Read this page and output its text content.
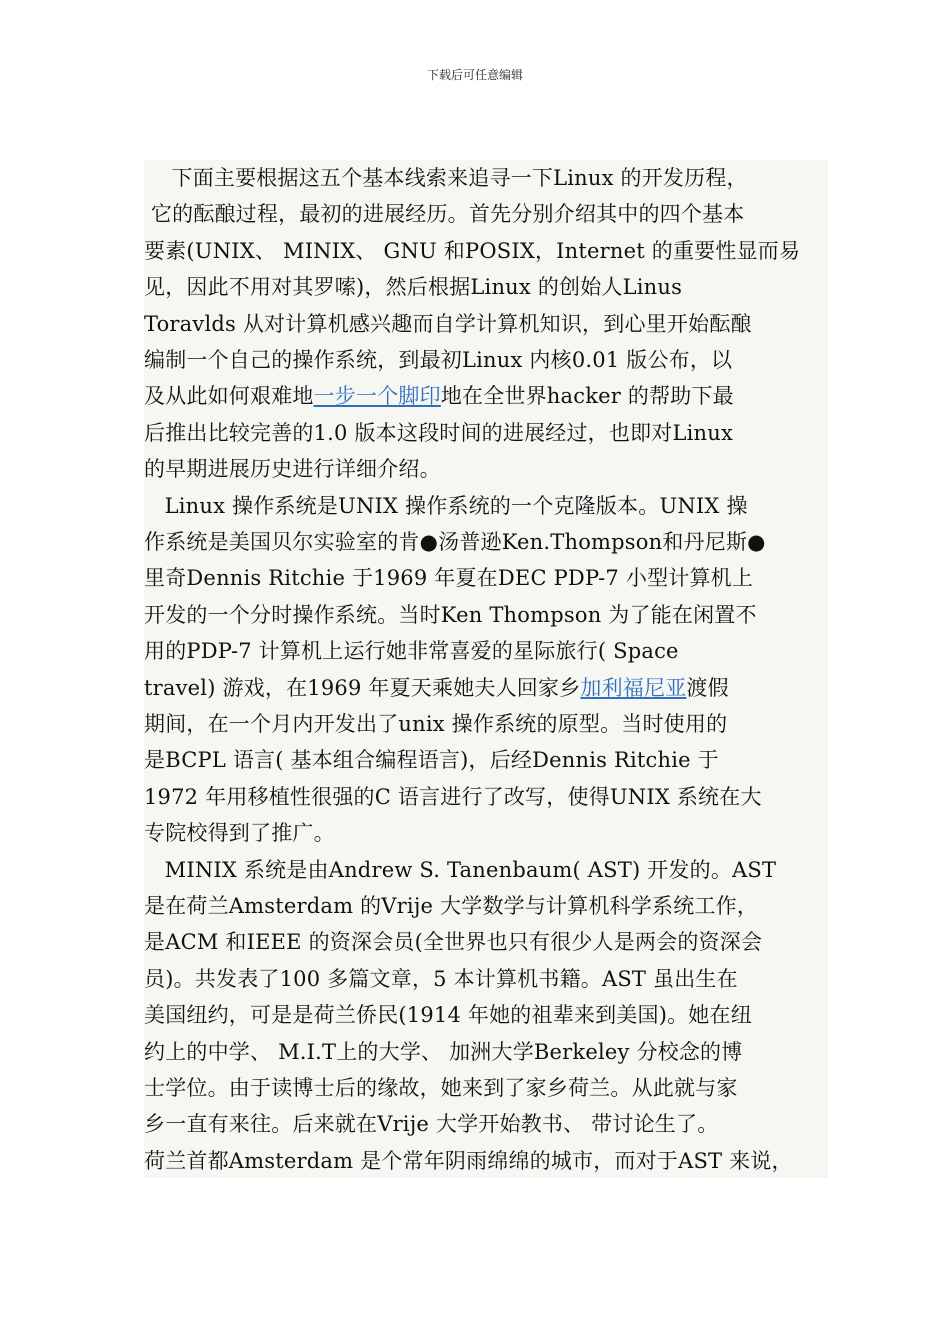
下载后可任意编辑
下面主要根据这五个基本线索来追寻一下Linux 的开发历程，
它的酝酿过程，最初的进展经历。首先分别介绍其中的四个基本
要素(UNIX、 MINIX、 GNU 和POSIX，Internet 的重要性显而易
见，因此不用对其罗嗦)，然后根据Linux 的创始人Linus
Toravlds 从对计算机感兴趣而自学计算机知识，到心里开始酝酿
编制一个自己的操作系统，到最初Linux 内核0.01 版公布，以
及从此如何艰难地一步一个脚印地在全世界hacker 的帮助下最
后推出比较完善的1.0 版本这段时间的进展经过，也即对Linux
的早期进展历史进行详细介绍。
Linux 操作系统是UNIX 操作系统的一个克隆版本。UNIX 操
作系统是美国贝尔实验室的肯●汤普逊Ken.Thompson和丹尼斯●
里奇Dennis Ritchie 于1969 年夏在DEC PDP-7 小型计算机上
开发的一个分时操作系统。当时Ken Thompson 为了能在闲置不
用的PDP-7 计算机上运行她非常喜爱的星际旅行( Space
travel) 游戏，在1969 年夏天乘她夫人回家乡加利福尼亚渡假
期间，在一个月内开发出了unix 操作系统的原型。当时使用的
是BCPL 语言( 基本组合编程语言)，后经Dennis Ritchie 于
1972 年用移植性很强的C 语言进行了改写，使得UNIX 系统在大
专院校得到了推广。
MINIX 系统是由Andrew S. Tanenbaum( AST) 开发的。AST
是在荷兰Amsterdam 的Vrije 大学数学与计算机科学系统工作，
是ACM 和IEEE 的资深会员(全世界也只有很少人是两会的资深会
员)。共发表了100 多篇文章，5 本计算机书籍。AST 虽出生在
美国纽约，可是是荷兰侨民(1914 年她的祖辈来到美国)。她在纽
约上的中学、 M.I.T上的大学、 加洲大学Berkeley 分校念的博
士学位。由于读博士后的缘故，她来到了家乡荷兰。从此就与家
乡一直有来往。后来就在Vrije 大学开始教书、 带讨论生了。
荷兰首都Amsterdam 是个常年阴雨绵绵的城市，而对于AST 来说，
